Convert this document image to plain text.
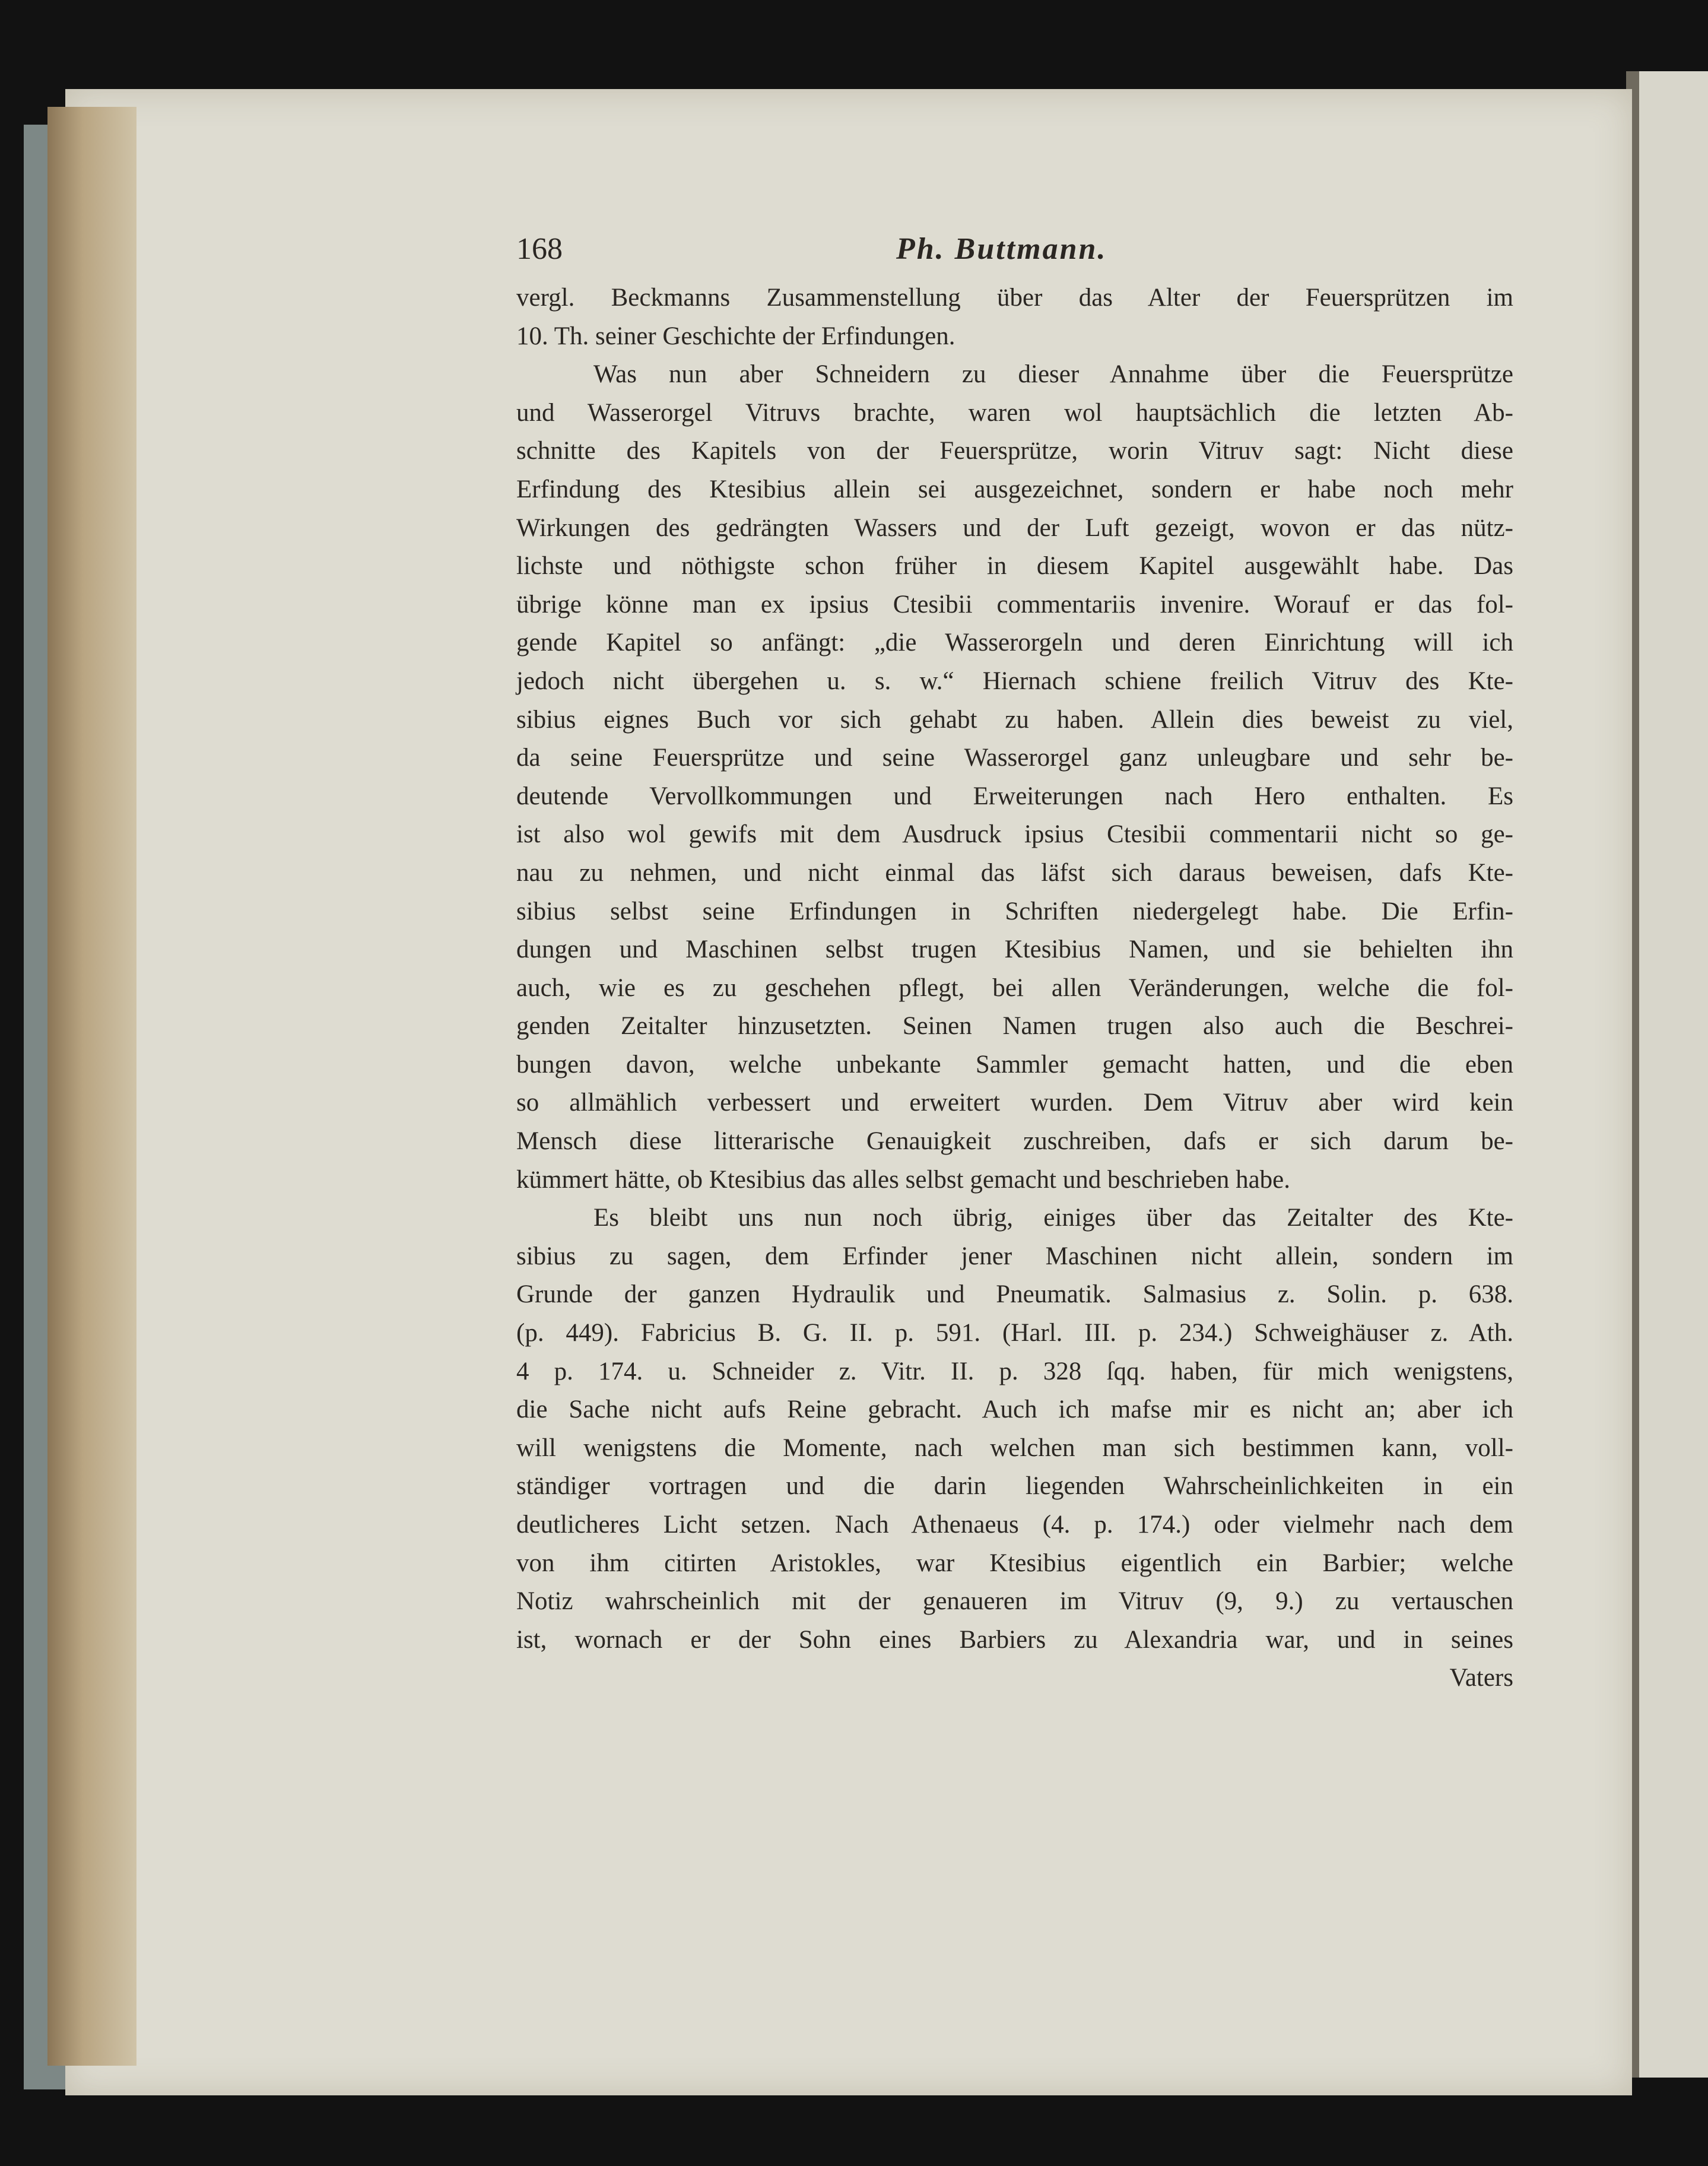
168	Ph. Buttmann.
vergl. Beckmanns Zusammenstellung über das Alter der Feuersprützen im
10. Th. seiner Geschichte der Erfindungen.
Was nun aber Schneidern zu dieser Annahme über die Feuersprütze
und Wasserorgel Vitruvs brachte, waren wol hauptsächlich die letzten Ab-
schnitte des Kapitels von der Feuersprütze, worin Vitruv sagt: Nicht diese
Erfindung des Ktesibius allein sei ausgezeichnet, sondern er habe noch mehr
Wirkungen des gedrängten Wassers und der Luft gezeigt, wovon er das nütz-
lichste und nöthigste schon früher in diesem Kapitel ausgewählt habe. Das
übrige könne man ex ipsius Ctesibii commentariis invenire. Worauf er das fol-
gende Kapitel so anfängt: „die Wasserorgeln und deren Einrichtung will ich
jedoch nicht übergehen u. s. w.“ Hiernach schiene freilich Vitruv des Kte-
sibius eignes Buch vor sich gehabt zu haben. Allein dies beweist zu viel,
da seine Feuersprütze und seine Wasserorgel ganz unleugbare und sehr be-
deutende Vervollkommungen und Erweiterungen nach Hero enthalten. Es
ist also wol gewifs mit dem Ausdruck ipsius Ctesibii commentarii nicht so ge-
nau zu nehmen, und nicht einmal das läfst sich daraus beweisen, dafs Kte-
sibius selbst seine Erfindungen in Schriften niedergelegt habe. Die Erfin-
dungen und Maschinen selbst trugen Ktesibius Namen, und sie behielten ihn
auch, wie es zu geschehen pflegt, bei allen Veränderungen, welche die fol-
genden Zeitalter hinzusetzten. Seinen Namen trugen also auch die Beschrei-
bungen davon, welche unbekante Sammler gemacht hatten, und die eben
so allmählich verbessert und erweitert wurden. Dem Vitruv aber wird kein
Mensch diese litterarische Genauigkeit zuschreiben, dafs er sich darum be-
kümmert hätte, ob Ktesibius das alles selbst gemacht und beschrieben habe.
Es bleibt uns nun noch übrig, einiges über das Zeitalter des Kte-
sibius zu sagen, dem Erfinder jener Maschinen nicht allein, sondern im
Grunde der ganzen Hydraulik und Pneumatik. Salmasius z. Solin. p. 638.
(p. 449). Fabricius B. G. II. p. 591. (Harl. III. p. 234.) Schweighäuser z. Ath.
4 p. 174. u. Schneider z. Vitr. II. p. 328 ſqq. haben, für mich wenigstens,
die Sache nicht aufs Reine gebracht. Auch ich mafse mir es nicht an; aber ich
will wenigstens die Momente, nach welchen man sich bestimmen kann, voll-
ständiger vortragen und die darin liegenden Wahrscheinlichkeiten in ein
deutlicheres Licht setzen. Nach Athenaeus (4. p. 174.) oder vielmehr nach dem
von ihm citirten Aristokles, war Ktesibius eigentlich ein Barbier; welche
Notiz wahrscheinlich mit der genaueren im Vitruv (9, 9.) zu vertauschen
ist, wornach er der Sohn eines Barbiers zu Alexandria war, und in seines
Vaters
